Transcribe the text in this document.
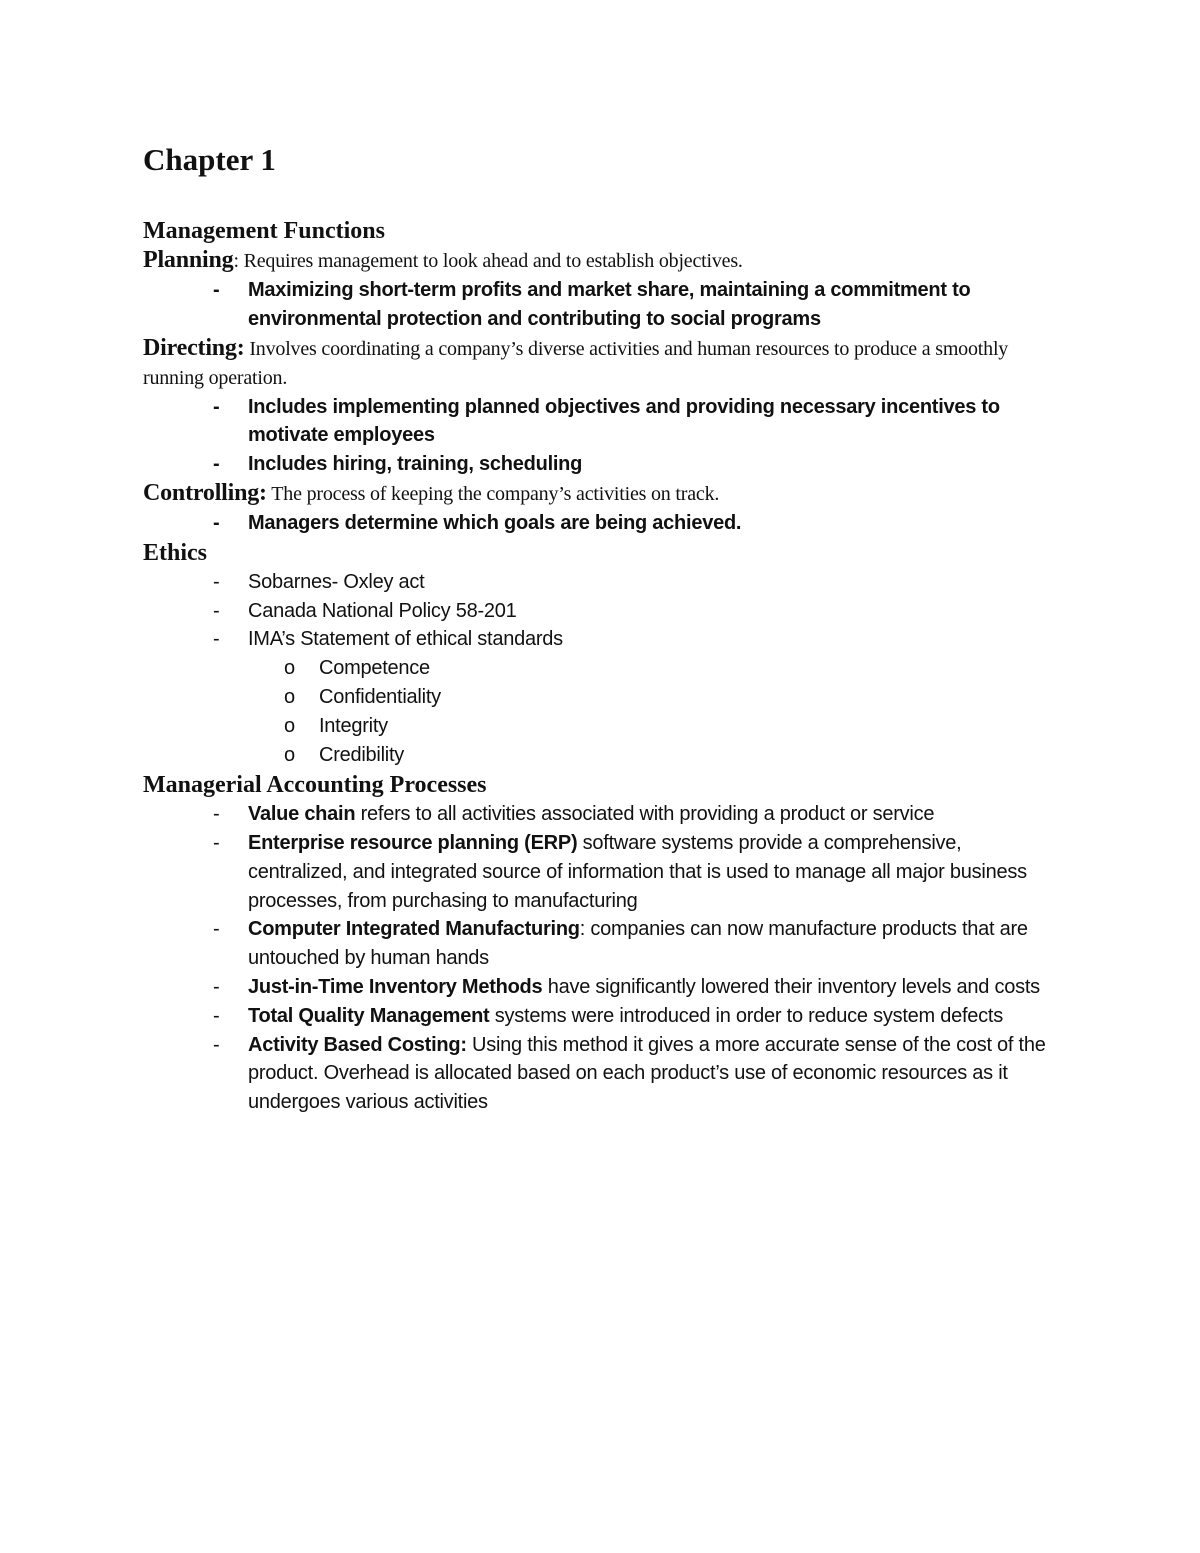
Chapter 1
Management Functions

Planning: Requires management to look ahead and to establish objectives.

- Maximizing short-term profits and market share, maintaining a commitment to environmental protection and contributing to social programs

Directing: Involves coordinating a company’s diverse activities and human resources to produce a smoothly running operation.

- Includes implementing planned objectives and providing necessary incentives to motivate employees
- Includes hiring, training, scheduling

Controlling: The process of keeping the company’s activities on track.

- Managers determine which goals are being achieved.
Ethics
- Sobarnes- Oxley act
- Canada National Policy 58-201
- IMA’s Statement of ethical standards
o Competence
o Confidentiality
o Integrity
o Credibility
Managerial Accounting Processes
- Value chain refers to all activities associated with providing a product or service
- Enterprise resource planning (ERP) software systems provide a comprehensive, centralized, and integrated source of information that is used to manage all major business processes, from purchasing to manufacturing
- Computer Integrated Manufacturing: companies can now manufacture products that are untouched by human hands
- Just-in-Time Inventory Methods have significantly lowered their inventory levels and costs
- Total Quality Management systems were introduced in order to reduce system defects
- Activity Based Costing: Using this method it gives a more accurate sense of the cost of the product. Overhead is allocated based on each product’s use of economic resources as it undergoes various activities
